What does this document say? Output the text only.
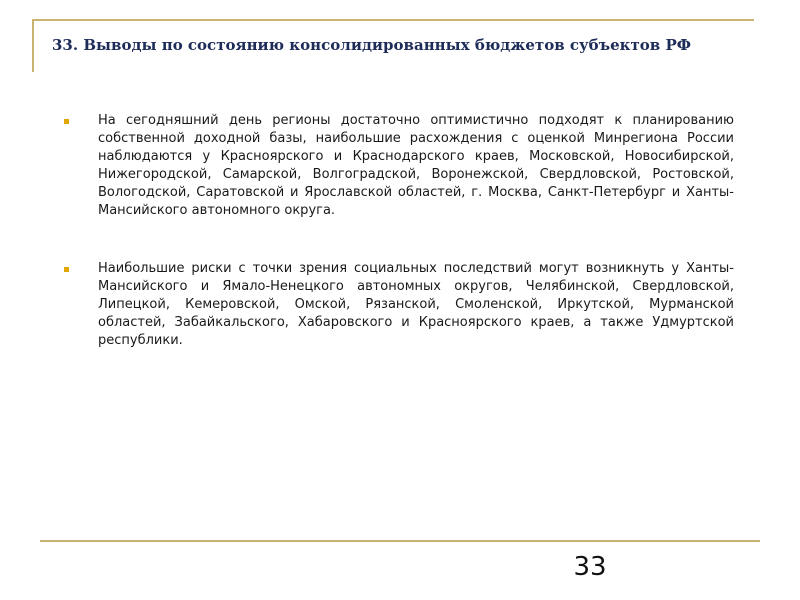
33. Выводы по состоянию консолидированных бюджетов субъектов РФ
На сегодняшний день регионы достаточно оптимистично подходят к планированию собственной доходной базы, наибольшие расхождения с оценкой Минрегиона России наблюдаются у Красноярского и Краснодарского краев, Московской, Новосибирской, Нижегородской, Самарской, Волгоградской, Воронежской, Свердловской, Ростовской, Вологодской, Саратовской и Ярославской областей, г. Москва, Санкт-Петербург и Ханты- Мансийского автономного округа.
Наибольшие риски с точки зрения социальных последствий могут возникнуть у Ханты-Мансийского и Ямало-Ненецкого автономных округов, Челябинской, Свердловской, Липецкой, Кемеровской, Омской, Рязанской, Смоленской, Иркутской, Мурманской областей, Забайкальского, Хабаровского и Красноярского краев, а также Удмуртской республики.
33
